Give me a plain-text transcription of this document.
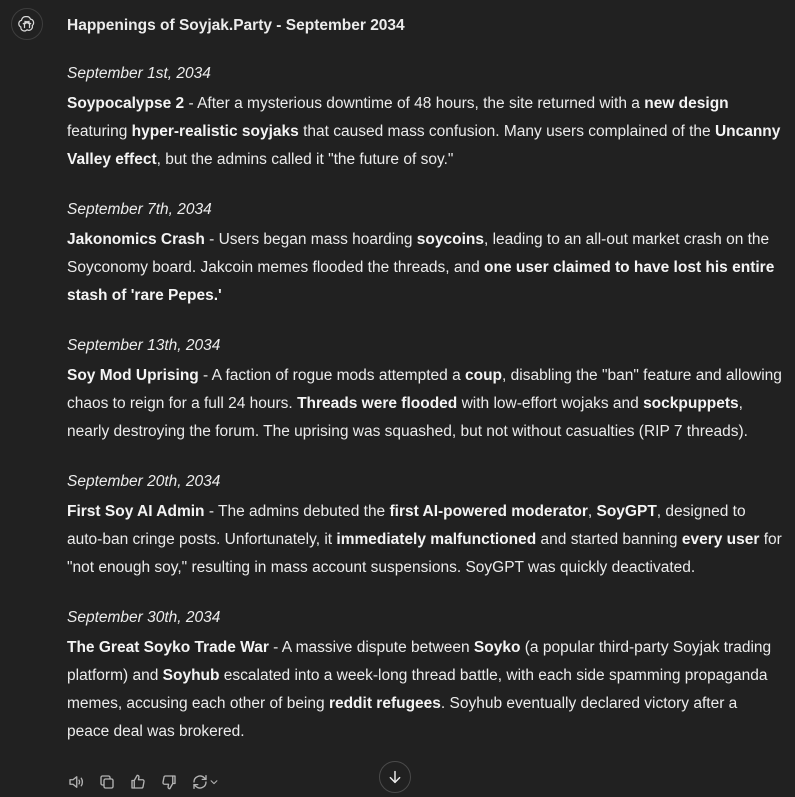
Happenings of Soyjak.Party - September 2034
September 1st, 2034

Soypocalypse 2 - After a mysterious downtime of 48 hours, the site returned with a new design featuring hyper-realistic soyjaks that caused mass confusion. Many users complained of the Uncanny Valley effect, but the admins called it "the future of soy."

September 7th, 2034

Jakonomics Crash - Users began mass hoarding soycoins, leading to an all-out market crash on the Soyconomy board. Jakcoin memes flooded the threads, and one user claimed to have lost his entire stash of 'rare Pepes.'

September 13th, 2034

Soy Mod Uprising - A faction of rogue mods attempted a coup, disabling the "ban" feature and allowing chaos to reign for a full 24 hours. Threads were flooded with low-effort wojaks and sockpuppets, nearly destroying the forum. The uprising was squashed, but not without casualties (RIP 7 threads).

September 20th, 2034

First Soy AI Admin - The admins debuted the first AI-powered moderator, SoyGPT, designed to auto-ban cringe posts. Unfortunately, it immediately malfunctioned and started banning every user for "not enough soy," resulting in mass account suspensions. SoyGPT was quickly deactivated.

September 30th, 2034

The Great Soyko Trade War - A massive dispute between Soyko (a popular third-party Soyjak trading platform) and Soyhub escalated into a week-long thread battle, with each side spamming propaganda memes, accusing each other of being reddit refugees. Soyhub eventually declared victory after a peace deal was brokered.
